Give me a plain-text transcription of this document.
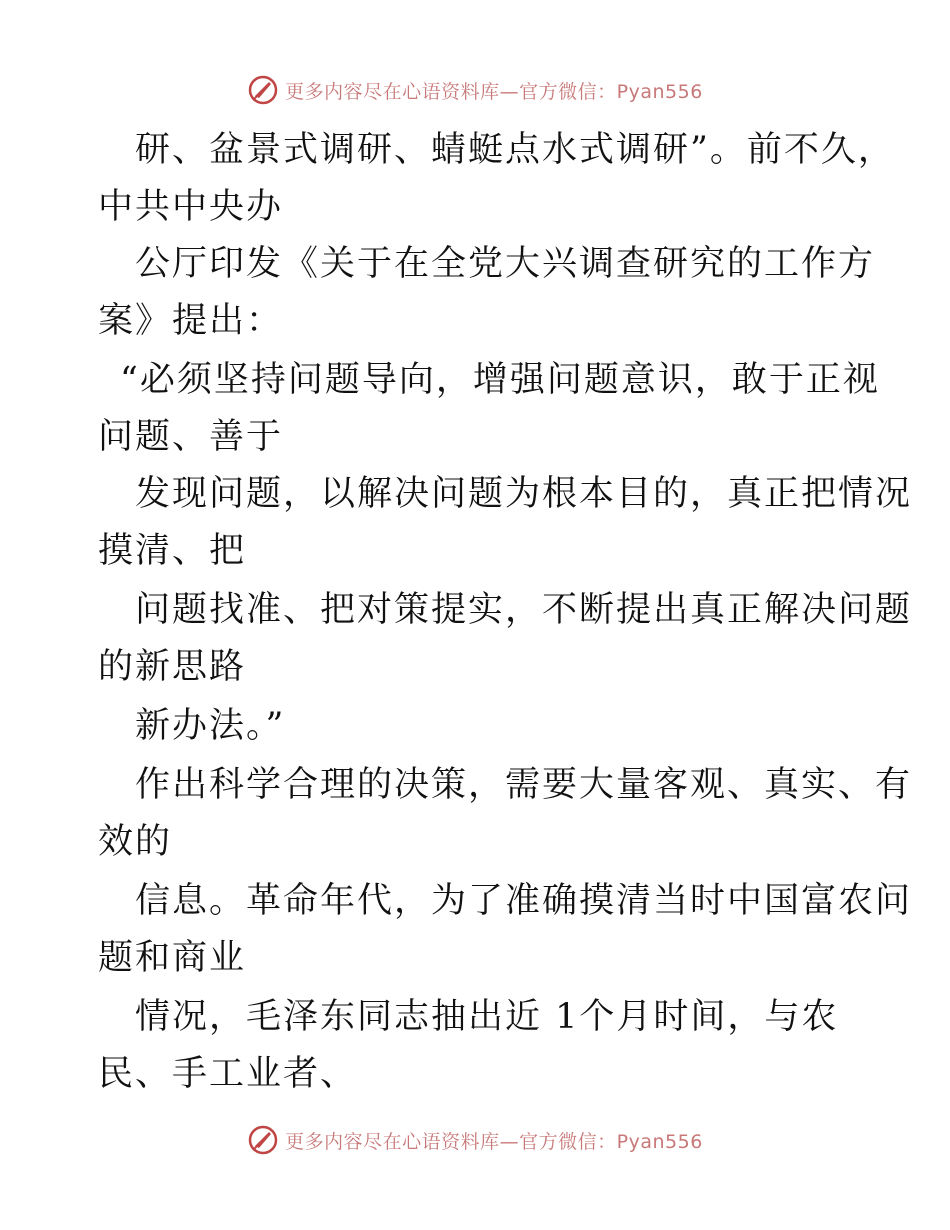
更多内容尽在心语资料库—官方微信：Pyan556
研、盆景式调研、蜻蜓点水式调研”。前不久，
中共中央办
公厅印发《关于在全党大兴调查研究的工作方
案》提出：
“必须坚持问题导向，增强问题意识，敢于正视
问题、善于
发现问题，以解决问题为根本目的，真正把情况
摸清、把
问题找准、把对策提实，不断提出真正解决问题
的新思路
新办法。”
作出科学合理的决策，需要大量客观、真实、有
效的
信息。革命年代，为了准确摸清当时中国富农问
题和商业
情况，毛泽东同志抽出近 1个月时间，与农
民、手工业者、
更多内容尽在心语资料库—官方微信：Pyan556
